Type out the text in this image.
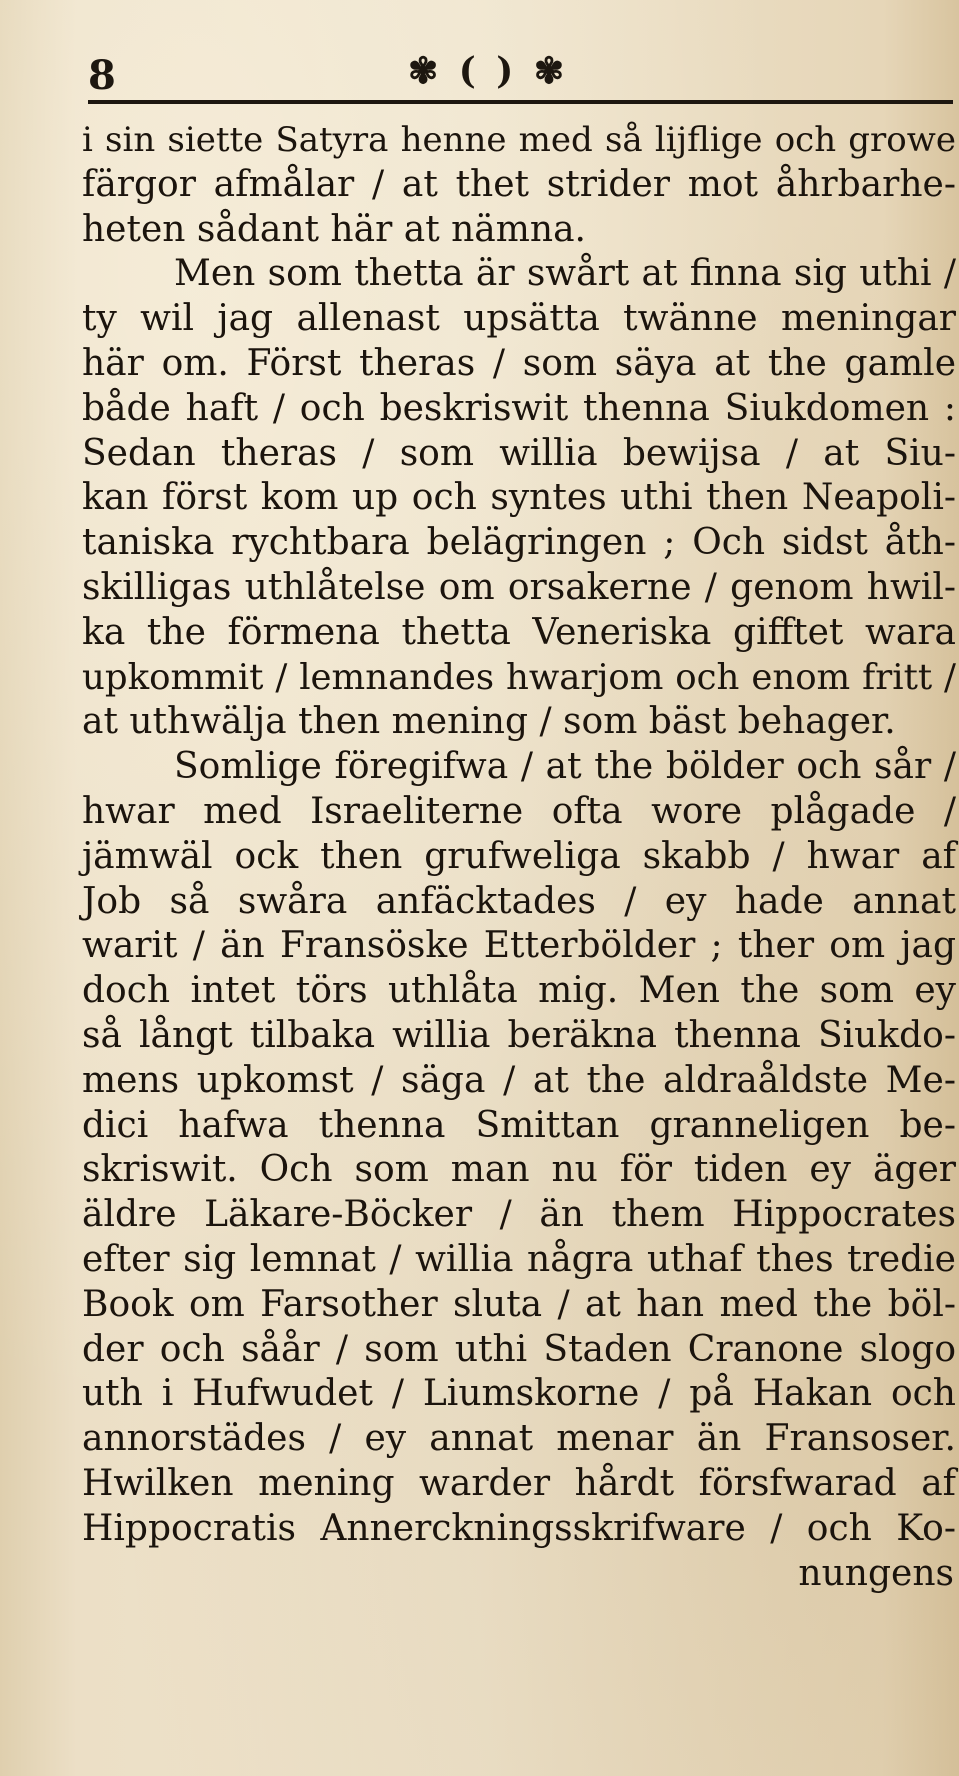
8	✾ ( ) ✾
i sin siette Satyra henne med så lijflige och growe
färgor afmålar / at thet strider mot åhrbarhe-
heten sådant här at nämna.
Men som thetta är swårt at finna sig uthi /
ty wil jag allenast upsätta twänne meningar
här om. Först theras / som säya at the gamle
både haft / och beskriswit thenna Siukdomen :
Sedan theras / som willia bewijsa / at Siu-
kan först kom up och syntes uthi then Neapoli-
taniska rychtbara belägringen ; Och sidst åth-
skilligas uthlåtelse om orsakerne / genom hwil-
ka the förmena thetta Veneriska gifftet wara
upkommit / lemnandes hwarjom och enom fritt /
at uthwälja then mening / som bäst behager.
Somlige föregifwa / at the bölder och sår /
hwar med Israeliterne ofta wore plågade /
jämwäl ock then grufweliga skabb / hwar af
Job så swåra anfäcktades / ey hade annat
warit / än Fransöske Etterbölder ; ther om jag
doch intet törs uthlåta mig. Men the som ey
så långt tilbaka willia beräkna thenna Siukdo-
mens upkomst / säga / at the aldraåldste Me-
dici hafwa thenna Smittan granneligen be-
skriswit. Och som man nu för tiden ey äger
äldre Läkare-Böcker / än them Hippocrates
efter sig lemnat / willia några uthaf thes tredie
Book om Farsother sluta / at han med the böl-
der och såår / som uthi Staden Cranone slogo
uth i Hufwudet / Liumskorne / på Hakan och
annorstädes / ey annat menar än Fransoser.
Hwilken mening warder hårdt försfwarad af
Hippocratis Annerckningsskrifware / och Ko-
nungens
